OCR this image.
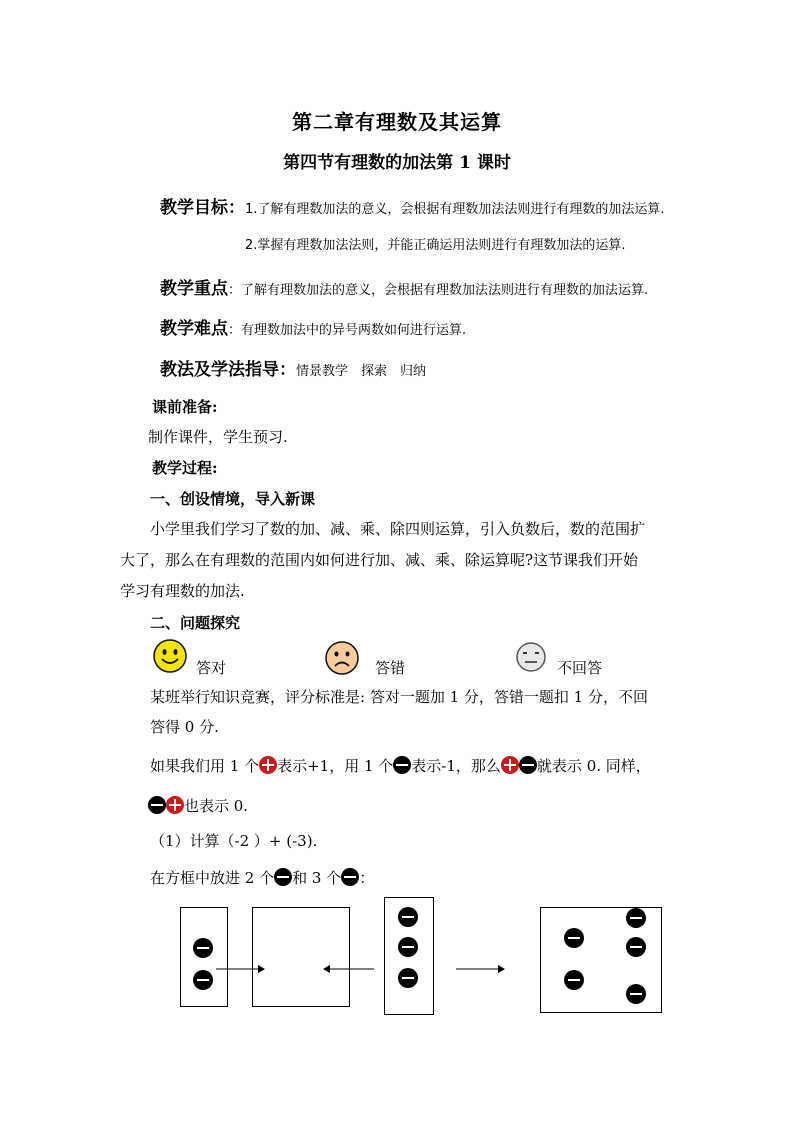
第二章有理数及其运算
第四节有理数的加法第 1 课时
教学目标：1.了解有理数加法的意义，会根据有理数加法法则进行有理数的加法运算.
2.掌握有理数加法法则，并能正确运用法则进行有理数加法的运算.
教学重点：了解有理数加法的意义，会根据有理数加法法则进行有理数的加法运算.
教学难点：有理数加法中的异号两数如何进行运算.
教法及学法指导：情景教学　探索　归纳
课前准备:
制作课件，学生预习.
教学过程:
一、创设情境，导入新课
小学里我们学习了数的加、减、乘、除四则运算，引入负数后，数的范围扩
大了，那么在有理数的范围内如何进行加、减、乘、除运算呢?这节课我们开始
学习有理数的加法.
二、问题探究
答对	答错	不回答
某班举行知识竞赛，评分标准是: 答对一题加 1 分，答错一题扣 1 分，不回
答得 0 分.
如果我们用 1 个 表示+1，用 1 个 表示-1，那么 就表示 0. 同样，
也表示 0.
（1）计算（-2 ）+ (-3).
在方框中放进 2 个 和 3 个 ：
